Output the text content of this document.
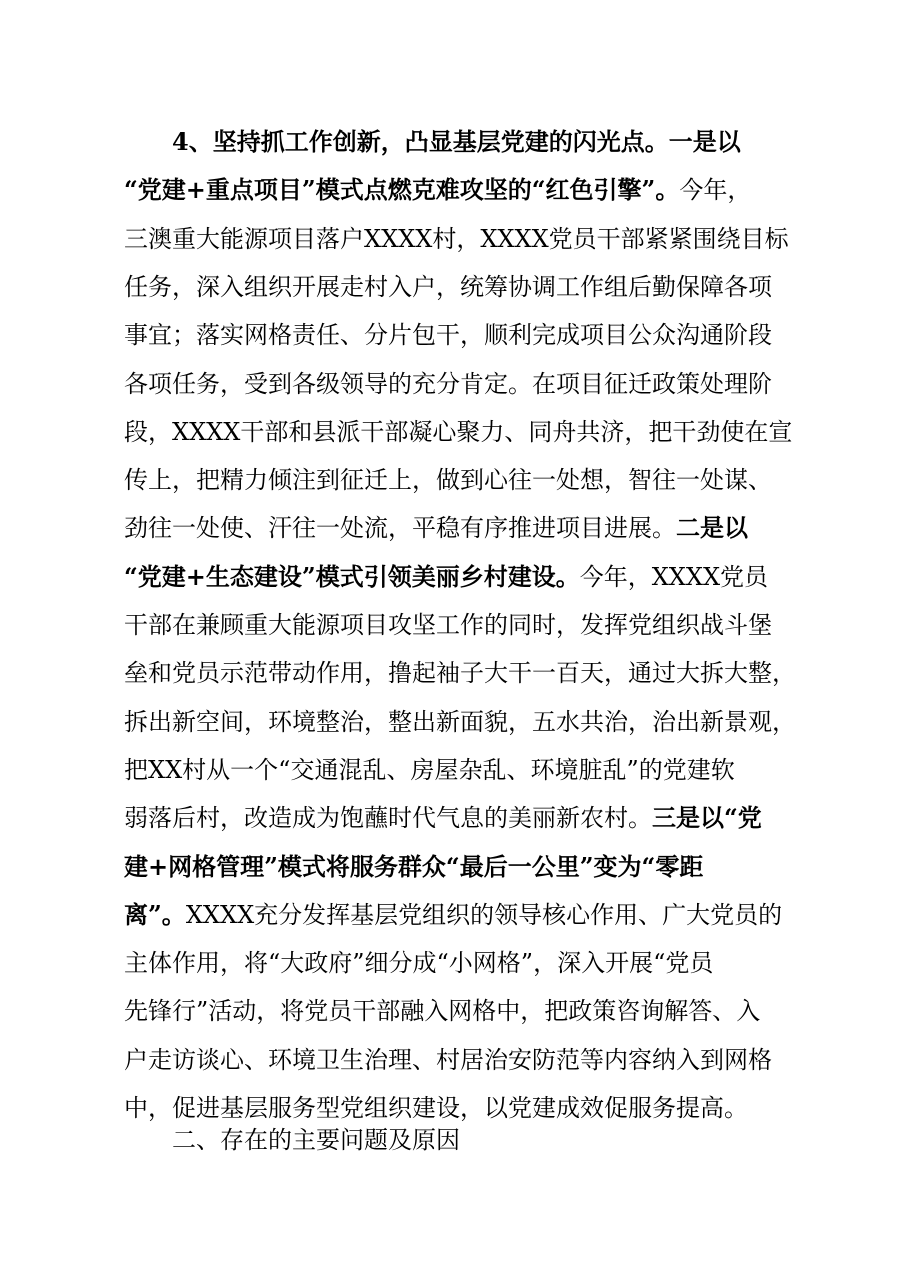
4、坚持抓工作创新，凸显基层党建的闪光点。一是以
“党建+重点项目”模式点燃克难攻坚的“红色引擎”。今年，
三澳重大能源项目落户XXXX村，XXXX党员干部紧紧围绕目标
任务，深入组织开展走村入户，统筹协调工作组后勤保障各项
事宜；落实网格责任、分片包干，顺利完成项目公众沟通阶段
各项任务，受到各级领导的充分肯定。在项目征迁政策处理阶
段，XXXX干部和县派干部凝心聚力、同舟共济，把干劲使在宣
传上，把精力倾注到征迁上，做到心往一处想，智往一处谋、
劲往一处使、汗往一处流，平稳有序推进项目进展。二是以
“党建+生态建设”模式引领美丽乡村建设。今年，XXXX党员
干部在兼顾重大能源项目攻坚工作的同时，发挥党组织战斗堡
垒和党员示范带动作用，撸起袖子大干一百天，通过大拆大整，
拆出新空间，环境整治，整出新面貌，五水共治，治出新景观，
把XX村从一个“交通混乱、房屋杂乱、环境脏乱”的党建软
弱落后村，改造成为饱蘸时代气息的美丽新农村。三是以“党
建+网格管理”模式将服务群众“最后一公里”变为“零距
离”。XXXX充分发挥基层党组织的领导核心作用、广大党员的
主体作用，将“大政府”细分成“小网格”，深入开展“党员
先锋行”活动，将党员干部融入网格中，把政策咨询解答、入
户走访谈心、环境卫生治理、村居治安防范等内容纳入到网格
中，促进基层服务型党组织建设，以党建成效促服务提高。
二、存在的主要问题及原因
